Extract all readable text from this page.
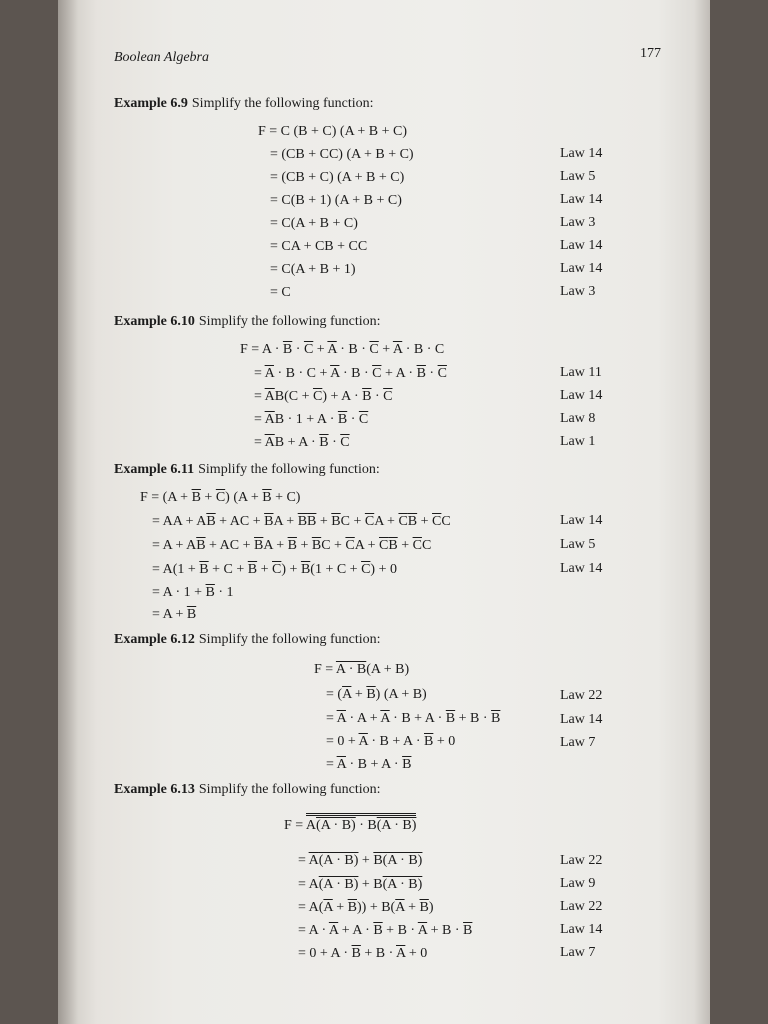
Boolean Algebra	177
Example 6.9 Simplify the following function:
F = C (B + C) (A + B + C)
= (CB + CC) (A + B + C)	Law 14
= (CB + C) (A + B + C)	Law 5
= C(B + 1) (A + B + C)	Law 14
= C(A + B + C)	Law 3
= CA + CB + CC	Law 14
= C(A + B + 1)	Law 14
= C	Law 3
Example 6.10 Simplify the following function:
$F = A \cdot \overline{B} \cdot \overline{C} + \overline{A} \cdot B \cdot \overline{C} + \overline{A} \cdot B \cdot C$
= $\overline{A} \cdot B \cdot C + \overline{A} \cdot B \cdot \overline{C} + A \cdot \overline{B} \cdot \overline{C}$	Law 11
= $\overline{A}B(C + \overline{C}) + A \cdot \overline{B} \cdot \overline{C}$	Law 14
= $\overline{A}B \cdot 1 + A \cdot \overline{B} \cdot \overline{C}$	Law 8
= $\overline{A}B + A \cdot \overline{B} \cdot \overline{C}$	Law 1
Example 6.11 Simplify the following function:
$F = (A + \overline{B} + \overline{C})$ $(A + \overline{B} + C)$
= AA + $A\overline{B}$ + AC + $\overline{B}A + \overline{B}\overline{B} + \overline{B}C + \overline{C}A + \overline{C}\overline{B} + \overline{C}C$	Law 14
= $A + A\overline{B}$ + AC + $\overline{B}A + \overline{B} + \overline{B}C + \overline{C}A + \overline{C}\overline{B} + \overline{C}C$	Law 5
= $A(1 + \overline{B} + C + \overline{B} + \overline{C}) + \overline{B}(1 + C + \overline{C}) + 0$	Law 14
= $A \cdot 1 + \overline{B} \cdot 1$
= $A + \overline{B}$
Example 6.12 Simplify the following function:
F = A · B(A + B)
= $(\overline{A} + \overline{B}) (A + B)$	Law 22
= $\overline{A} \cdot A + \overline{A} \cdot B + A \cdot \overline{B} + B \cdot \overline{B}$	Law 14
= $0 + \overline{A} \cdot B + A \cdot \overline{B} + 0$	Law 7
= $\overline{A} \cdot B + A \cdot \overline{B}$
Example 6.13 Simplify the following function:
F = A(A · B) · B(A · B)
= A(A · B) + B(A · B)	Law 22
= A(A · B) + B(A · B)	Law 9
= $A(\overline{A} + \overline{B})) + B(\overline{A} + \overline{B})$	Law 22
= $A \cdot \overline{A} + A \cdot \overline{B} + B \cdot \overline{A} + B \cdot \overline{B}$	Law 14
= $0 + A \cdot \overline{B} + B \cdot \overline{A} + 0$	Law 7
